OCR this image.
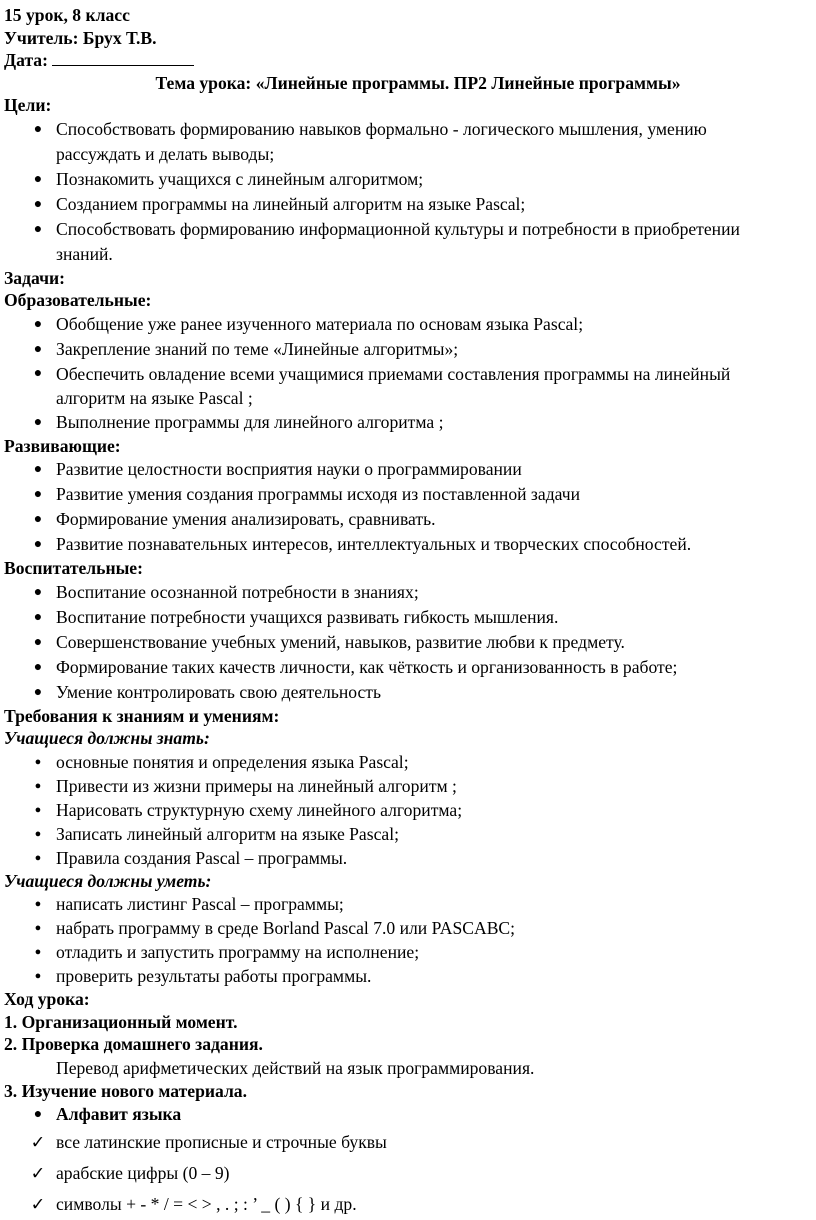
15 урок, 8 класс
Учитель: Брух Т.В.
Дата:
Тема урока: «Линейные программы. ПР2 Линейные программы»
Цели:
● Способствовать формированию навыков формально - логического мышления, умению рассуждать и делать выводы;
● Познакомить учащихся с линейным алгоритмом;
● Созданием программы на линейный алгоритм на языке Pascal;
● Способствовать формированию информационной культуры и потребности в приобретении знаний.
Задачи:
Образовательные:
● Обобщение уже ранее изученного материала по основам языка Pascal;
● Закрепление знаний по теме «Линейные алгоритмы»;
● Обеспечить овладение всеми учащимися приемами составления программы на линейный алгоритм на языке Pascal ;
● Выполнение программы для линейного алгоритма ;
Развивающие:
● Развитие целостности восприятия науки о программировании
● Развитие умения создания программы исходя из поставленной задачи
● Формирование умения анализировать, сравнивать.
● Развитие познавательных интересов, интеллектуальных и творческих способностей.
Воспитательные:
● Воспитание осознанной потребности в знаниях;
● Воспитание потребности учащихся развивать гибкость мышления.
● Совершенствование учебных умений, навыков, развитие любви к предмету.
● Формирование таких качеств личности, как чёткость и организованность в работе;
● Умение контролировать свою деятельность
Требования к знаниям и умениям:
Учащиеся должны знать:
● основные понятия и определения языка Pascal;
● Привести из жизни примеры на линейный алгоритм ;
● Нарисовать структурную схему линейного алгоритма;
● Записать линейный алгоритм на языке Pascal;
● Правила создания Pascal – программы.
Учащиеся должны уметь:
● написать листинг Pascal – программы;
● набрать программу в среде Borland Pascal 7.0 или PASCABC;
● отладить и запустить программу на исполнение;
● проверить результаты работы программы.
Ход урока:
1. Организационный момент.
2. Проверка домашнего задания.
Перевод арифметических действий на язык программирования.
3. Изучение нового материала.
● Алфавит языка
✓ все латинские прописные и строчные буквы
✓ арабские цифры (0 – 9)
✓ символы + - * / = < > , . ; : ’ _ ( ) { } и др.
